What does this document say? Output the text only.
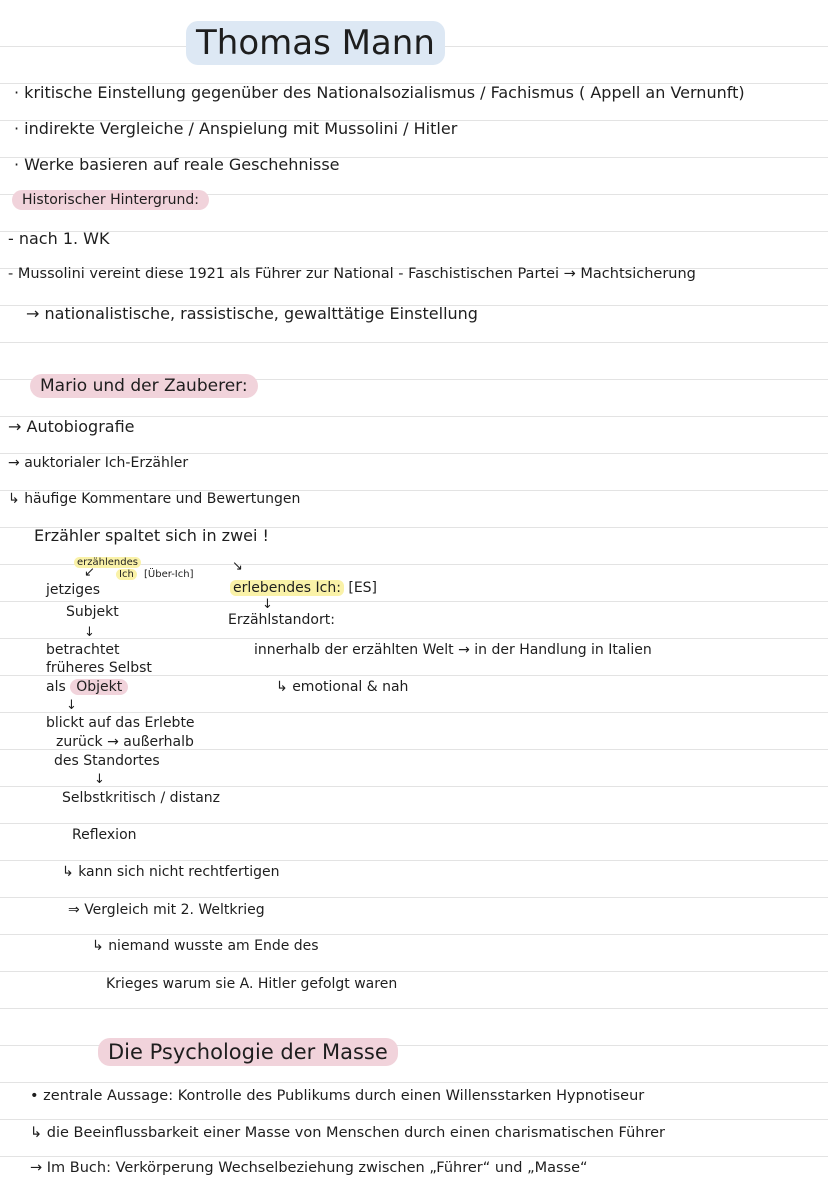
Thomas Mann
· kritische Einstellung gegenüber des Nationalsozialismus / Fachismus ( Appell an Vernunft)
· indirekte Vergleiche / Anspielung mit Mussolini / Hitler
· Werke basieren auf reale Geschehnisse
Historischer Hintergrund:
- nach 1. WK
- Mussolini vereint diese 1921 als Führer zur National - Faschistischen Partei → Machtsicherung
→ nationalistische, rassistische, gewalttätige Einstellung
Mario und der Zauberer:
→ Autobiografie
→ auktorialer Ich-Erzähler
↳ häufige Kommentare und Bewertungen
Erzähler spaltet sich in zwei !
erzählendes
Ich	[Über-Ich]
↙
jetziges
Subjekt
↓
betrachtet
früheres Selbst
als Objekt
↓
blickt auf das Erlebte
zurück → außerhalb
des Standortes
↓
Selbstkritisch / distanz
Reflexion
↳ kann sich nicht rechtfertigen
⇒ Vergleich mit 2. Weltkrieg
↳ niemand wusste am Ende des
Krieges warum sie A. Hitler gefolgt waren
↘
erlebendes Ich: [ES]
↓
Erzählstandort:
innerhalb der erzählten Welt → in der Handlung in Italien
↳ emotional & nah
Die Psychologie der Masse
• zentrale Aussage: Kontrolle des Publikums durch einen Willensstarken Hypnotiseur
↳ die Beeinflussbarkeit einer Masse von Menschen durch einen charismatischen Führer
→ Im Buch: Verkörperung Wechselbeziehung zwischen „Führer“ und „Masse“
